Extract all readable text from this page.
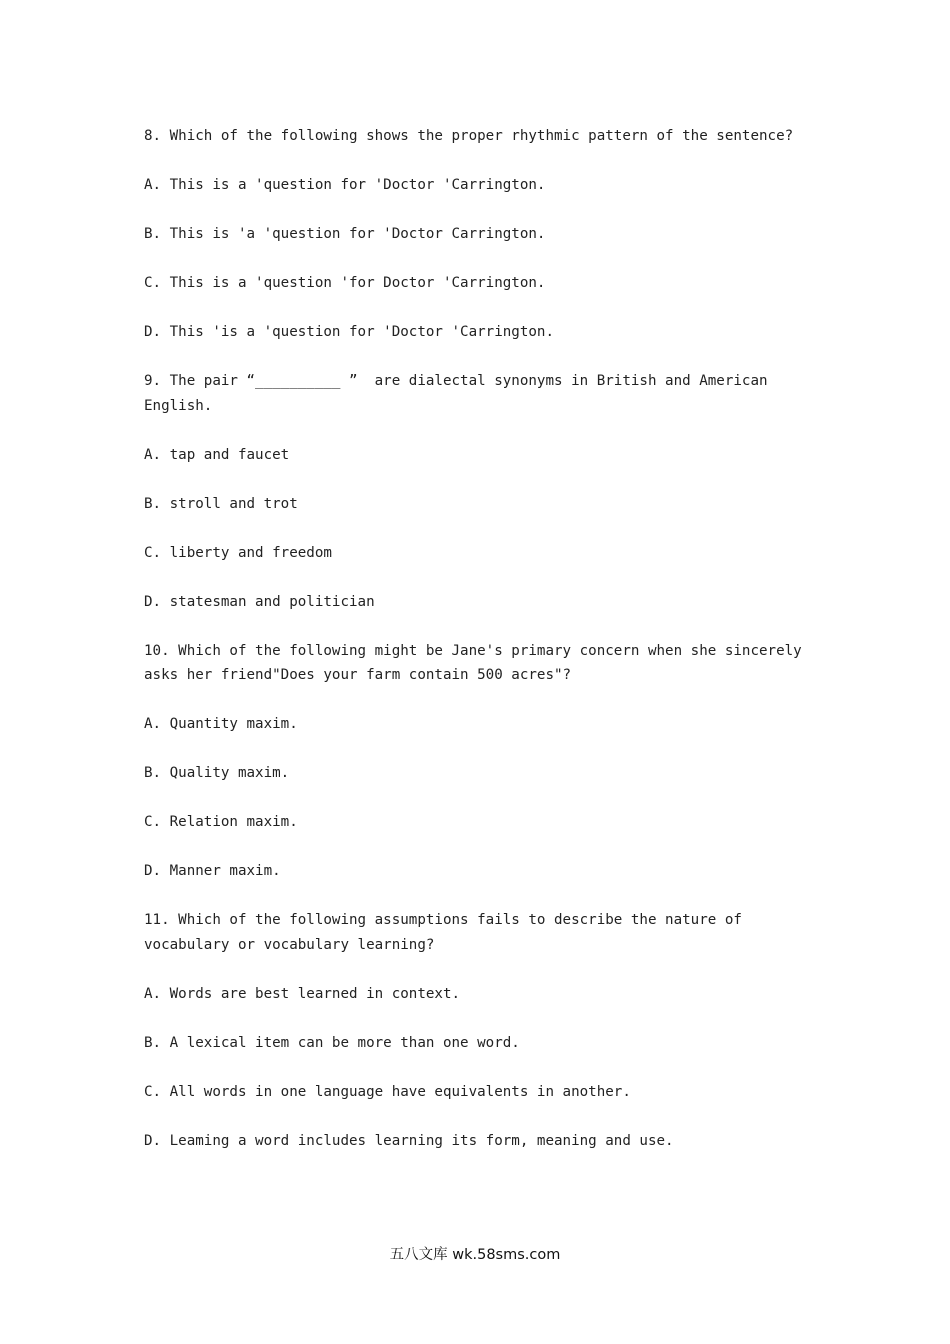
8. Which of the following shows the proper rhythmic pattern of the sentence?
A. This is a 'question for 'Doctor 'Carrington.
B. This is 'a 'question for 'Doctor Carrington.
C. This is a 'question 'for Doctor 'Carrington.
D. This 'is a 'question for 'Doctor 'Carrington.
9. The pair “__________ ”  are dialectal synonyms in British and American
English.
A. tap and faucet
B. stroll and trot
C. liberty and freedom
D. statesman and politician
10. Which of the following might be Jane's primary concern when she sincerely
asks her friend"Does your farm contain 500 acres"?
A. Quantity maxim.
B. Quality maxim.
C. Relation maxim.
D. Manner maxim.
11. Which of the following assumptions fails to describe the nature of
vocabulary or vocabulary learning?
A. Words are best learned in context.
B. A lexical item can be more than one word.
C. All words in one language have equivalents in another.
D. Leaming a word includes learning its form, meaning and use.
五八文库 wk.58sms.com
